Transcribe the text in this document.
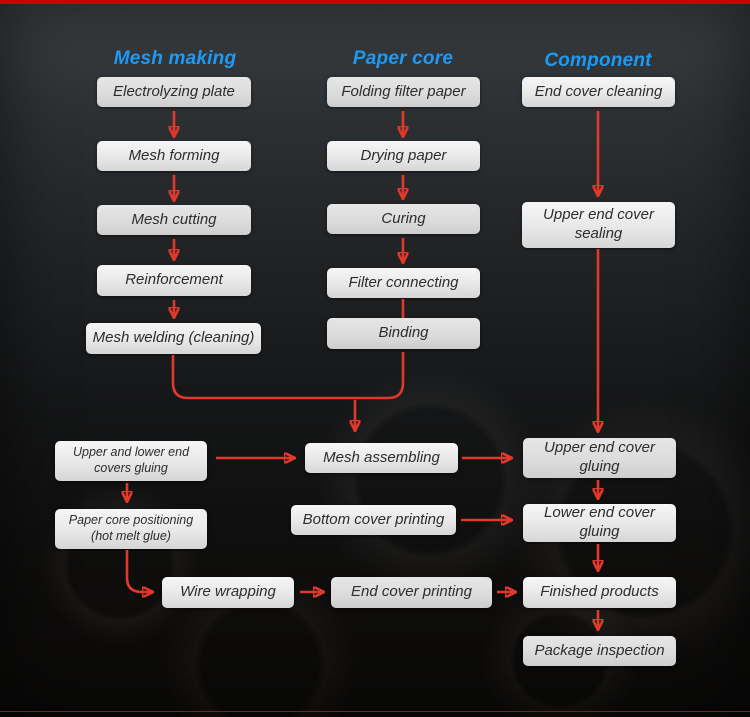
Mesh making	Paper core	Component
Electrolyzing plate
Mesh forming
Mesh cutting
Reinforcement
Mesh welding (cleaning)
Folding filter paper
Drying paper
Curing
Filter connecting
Binding
End cover cleaning
Upper end cover sealing
Upper end cover gluing
Lower end cover gluing
Finished products
Package inspection
Upper and lower end covers gluing
Paper core positioning (hot melt glue)
Mesh assembling
Bottom cover printing
Wire wrapping	End cover printing
